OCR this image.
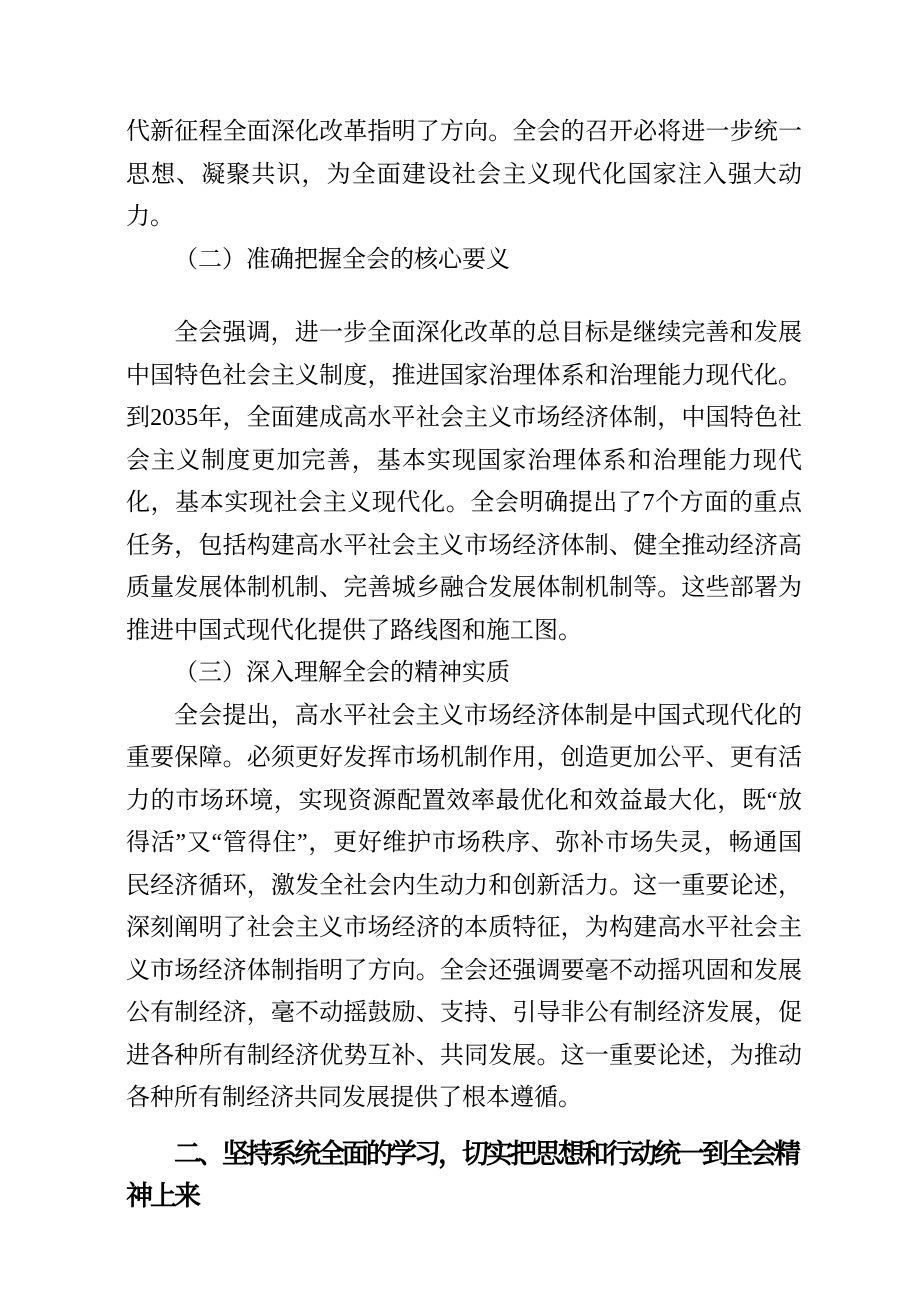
代新征程全面深化改革指明了方向。全会的召开必将进一步统一思想、凝聚共识，为全面建设社会主义现代化国家注入强大动力。

（二）准确把握全会的核心要义

全会强调，进一步全面深化改革的总目标是继续完善和发展中国特色社会主义制度，推进国家治理体系和治理能力现代化。到2035年，全面建成高水平社会主义市场经济体制，中国特色社会主义制度更加完善，基本实现国家治理体系和治理能力现代化，基本实现社会主义现代化。全会明确提出了7个方面的重点任务，包括构建高水平社会主义市场经济体制、健全推动经济高质量发展体制机制、完善城乡融合发展体制机制等。这些部署为推进中国式现代化提供了路线图和施工图。

（三）深入理解全会的精神实质

全会提出，高水平社会主义市场经济体制是中国式现代化的重要保障。必须更好发挥市场机制作用，创造更加公平、更有活力的市场环境，实现资源配置效率最优化和效益最大化，既“放得活”又“管得住”，更好维护市场秩序、弥补市场失灵，畅通国民经济循环，激发全社会内生动力和创新活力。这一重要论述，深刻阐明了社会主义市场经济的本质特征，为构建高水平社会主义市场经济体制指明了方向。全会还强调要毫不动摇巩固和发展公有制经济，毫不动摇鼓励、支持、引导非公有制经济发展，促进各种所有制经济优势互补、共同发展。这一重要论述，为推动各种所有制经济共同发展提供了根本遵循。

二、坚持系统全面的学习，切实把思想和行动统一到全会精神上来
